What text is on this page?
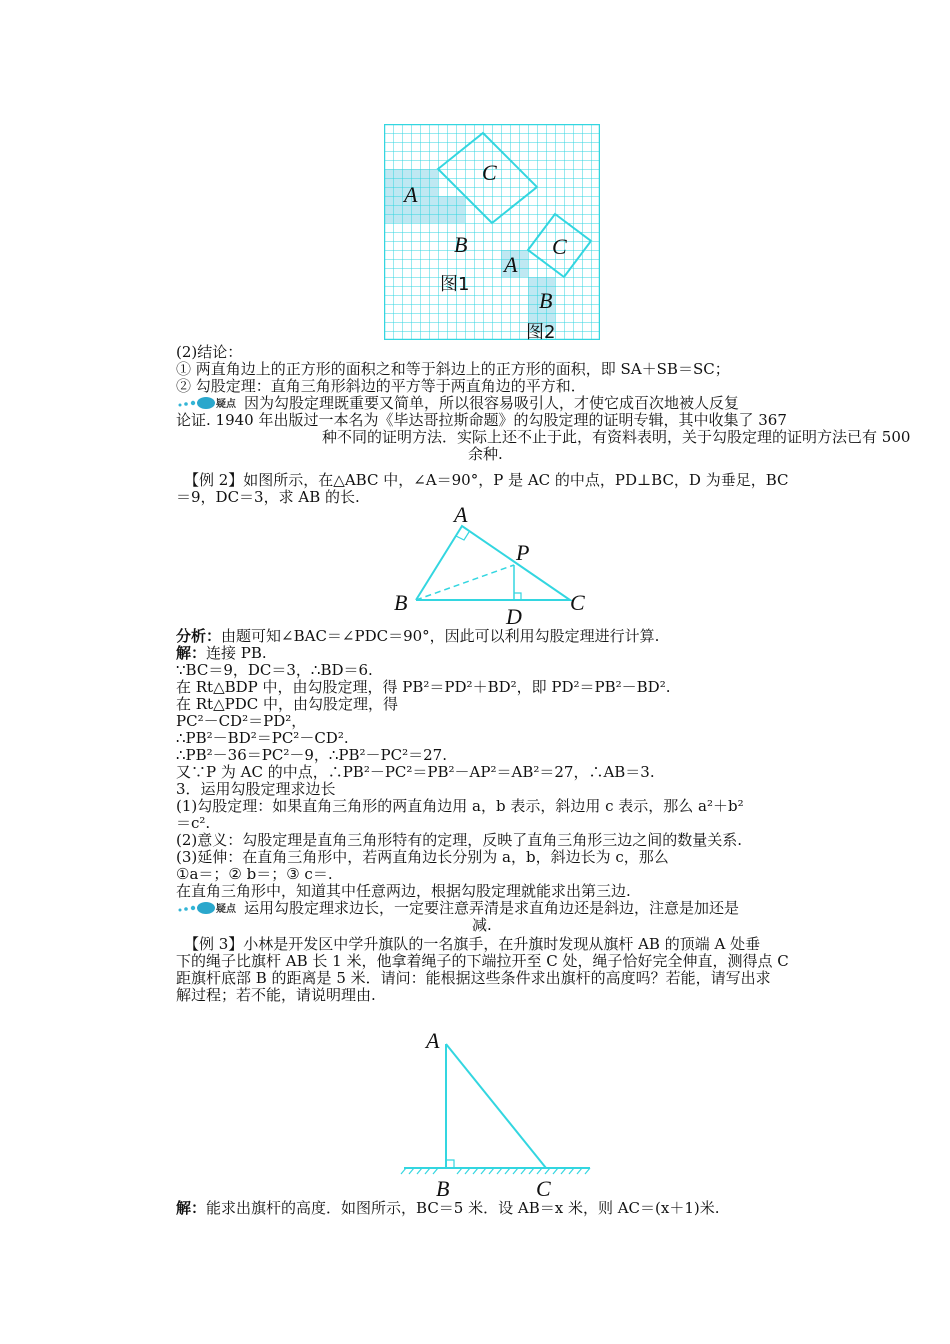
C
A
B	C
A
B
图1
图2
(2)结论：
① 两直角边上的正方形的面积之和等于斜边上的正方形的面积，即 SA＋SB＝SC；
② 勾股定理：直角三角形斜边的平方等于两直角边的平方和．
疑点 因为勾股定理既重要又简单，所以很容易吸引人，才使它成百次地被人反复
论证. 1940 年出版过一本名为《毕达哥拉斯命题》的勾股定理的证明专辑，其中收集了 367
种不同的证明方法．实际上还不止于此，有资料表明，关于勾股定理的证明方法已有 500
余种.
【例 2】如图所示，在△ABC 中，∠A＝90°，P 是 AC 的中点，PD⊥BC，D 为垂足，BC
＝9，DC＝3，求 AB 的长.
A
P
B
D
C
分析：由题可知∠BAC＝∠PDC＝90°，因此可以利用勾股定理进行计算.
解：连接 PB.
∵BC＝9，DC＝3，∴BD＝6.
在 Rt△BDP 中，由勾股定理，得 PB²＝PD²＋BD²，即 PD²＝PB²－BD².
在 Rt△PDC 中，由勾股定理，得
PC²－CD²＝PD²，
∴PB²－BD²＝PC²－CD².
∴PB²－36＝PC²－9，∴PB²－PC²＝27.
又∵P 为 AC 的中点，∴PB²－PC²＝PB²－AP²＝AB²＝27，∴AB＝3.
3．运用勾股定理求边长
(1)勾股定理：如果直角三角形的两直角边用 a，b 表示，斜边用 c 表示，那么 a²＋b²
＝c².
(2)意义：勾股定理是直角三角形特有的定理，反映了直角三角形三边之间的数量关系.
(3)延伸：在直角三角形中，若两直角边长分别为 a，b，斜边长为 c，那么
①a＝；② b＝；③ c＝.
在直角三角形中，知道其中任意两边，根据勾股定理就能求出第三边.
疑点 运用勾股定理求边长，一定要注意弄清是求直角边还是斜边，注意是加还是
减.
【例 3】小林是开发区中学升旗队的一名旗手，在升旗时发现从旗杆 AB 的顶端 A 处垂
下的绳子比旗杆 AB 长 1 米，他拿着绳子的下端拉开至 C 处，绳子恰好完全伸直，测得点 C
距旗杆底部 B 的距离是 5 米．请问：能根据这些条件求出旗杆的高度吗？若能，请写出求
解过程；若不能，请说明理由.
A
B	C
解：能求出旗杆的高度．如图所示，BC＝5 米．设 AB＝x 米，则 AC＝(x＋1)米.
